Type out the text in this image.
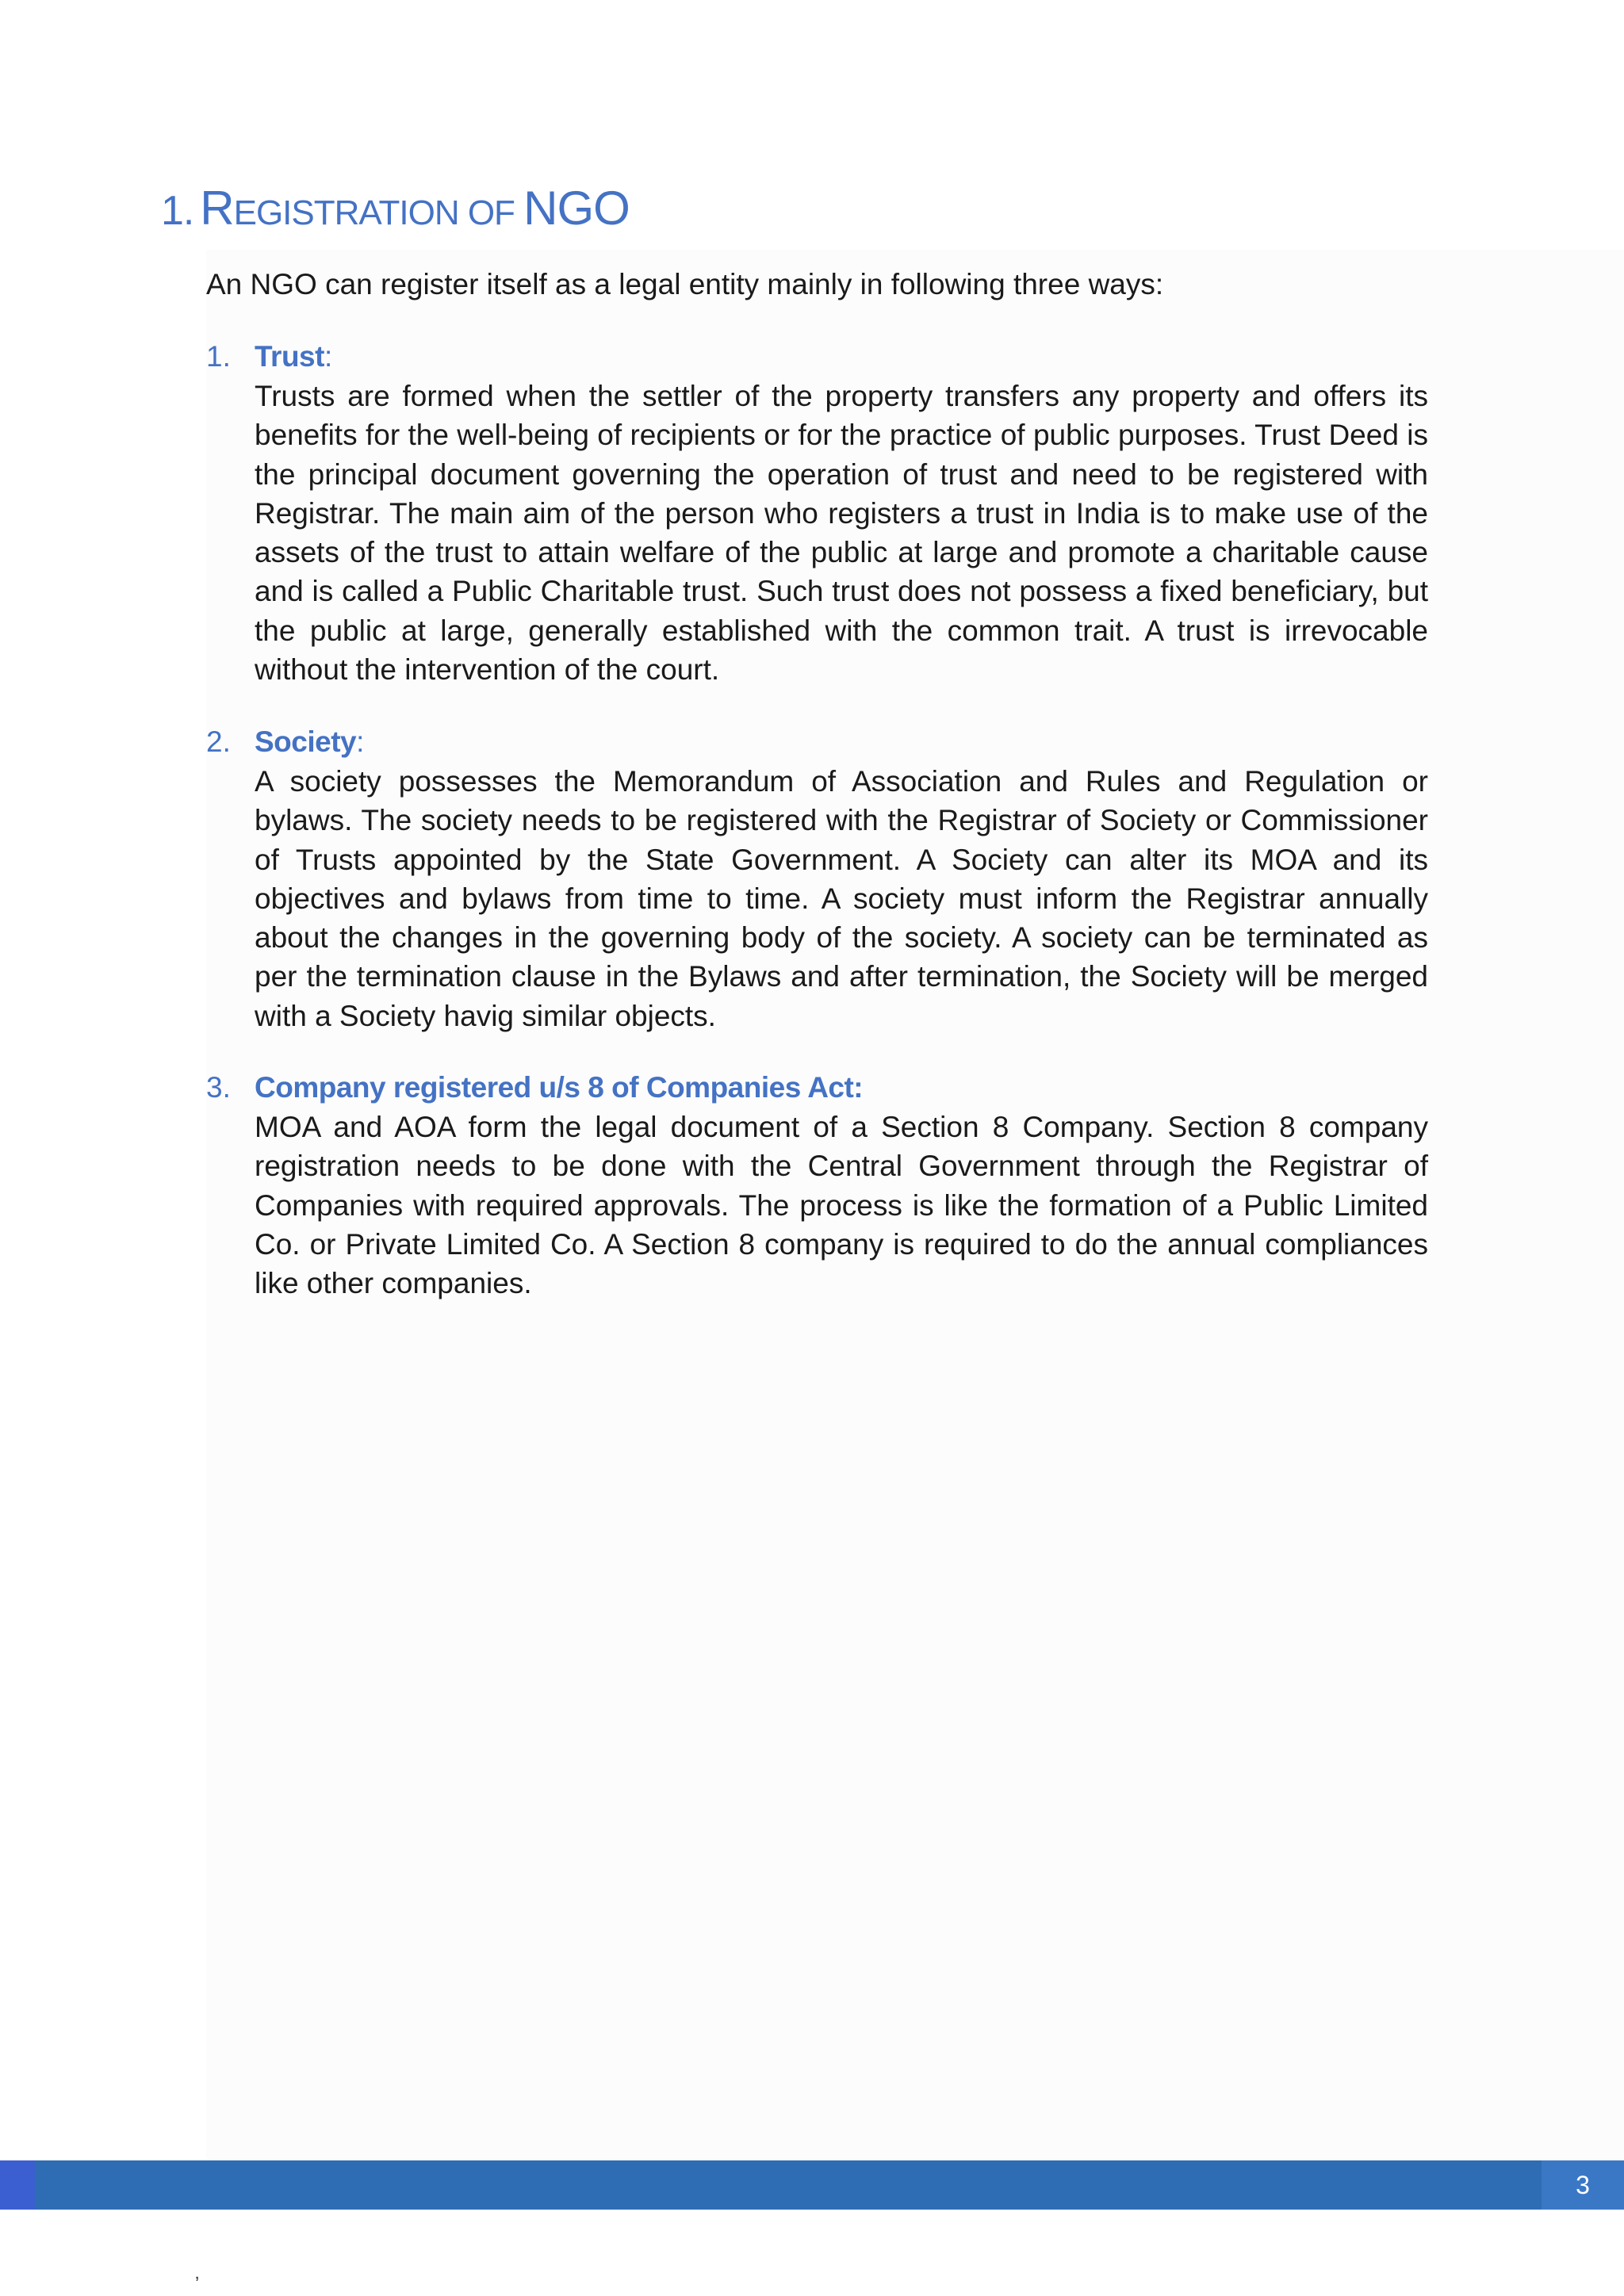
1. REGISTRATION OF NGO

An NGO can register itself as a legal entity mainly in following three ways:

1. Trust:

Trusts are formed when the settler of the property transfers any property and offers its benefits for the well-being of recipients or for the practice of public purposes. Trust Deed is the principal document governing the operation of trust and need to be registered with Registrar. The main aim of the person who registers a trust in India is to make use of the assets of the trust to attain welfare of the public at large and promote a charitable cause and is called a Public Charitable trust. Such trust does not possess a fixed beneficiary, but the public at large, generally established with the common trait. A trust is irrevocable without the intervention of the court.

2. Society:

A society possesses the Memorandum of Association and Rules and Regulation or bylaws. The society needs to be registered with the Registrar of Society or Commissioner of Trusts appointed by the State Government. A Society can alter its MOA and its objectives and bylaws from time to time. A society must inform the Registrar annually about the changes in the governing body of the society. A society can be terminated as per the termination clause in the Bylaws and after termination, the Society will be merged with a Society havig similar objects.

3. Company registered u/s 8 of Companies Act:

MOA and AOA form the legal document of a Section 8 Company. Section 8 company registration needs to be done with the Central Government through the Registrar of Companies with required approvals. The process is like the formation of a Public Limited Co. or Private Limited Co. A Section 8 company is required to do the annual compliances like other companies.

3
ʼ
